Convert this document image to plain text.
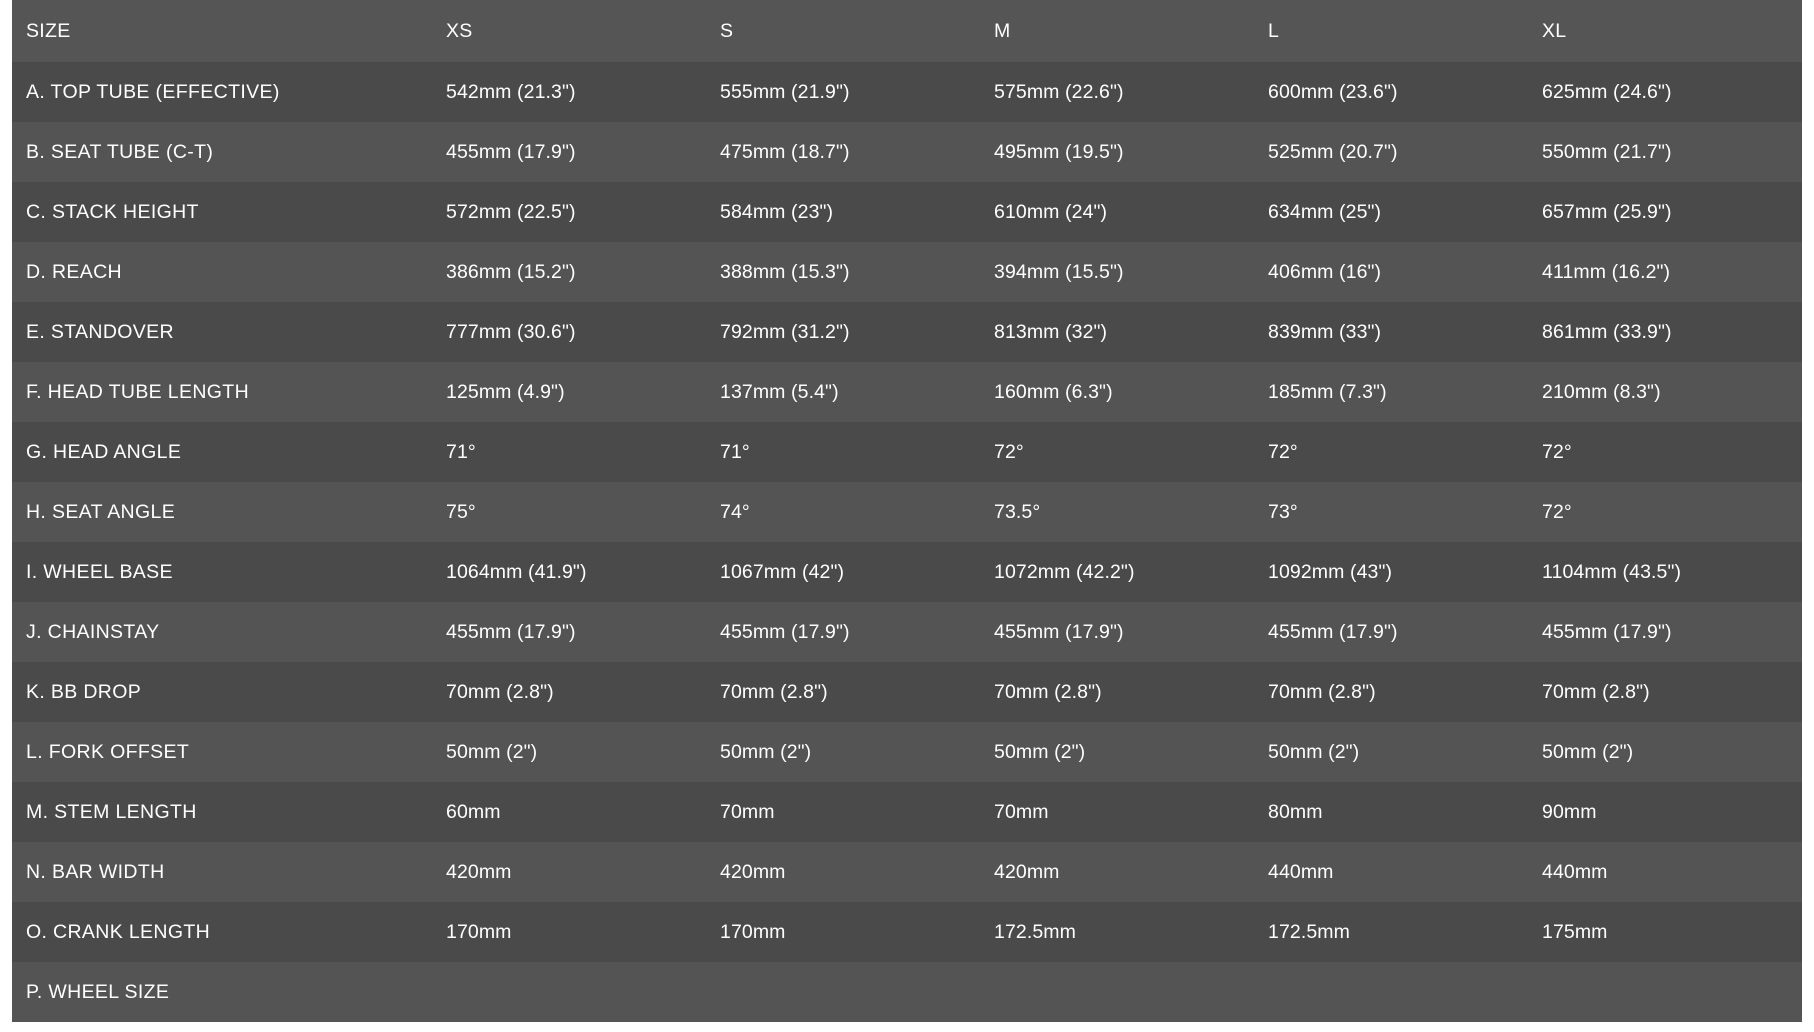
SIZE	XS	S	M	L	XL
A. TOP TUBE (EFFECTIVE)	542mm (21.3")	555mm (21.9")	575mm (22.6")	600mm (23.6")	625mm (24.6")
B. SEAT TUBE (C-T)	455mm (17.9")	475mm (18.7")	495mm (19.5")	525mm (20.7")	550mm (21.7")
C. STACK HEIGHT	572mm (22.5")	584mm (23")	610mm (24")	634mm (25")	657mm (25.9")
D. REACH	386mm (15.2")	388mm (15.3")	394mm (15.5")	406mm (16")	411mm (16.2")
E. STANDOVER	777mm (30.6")	792mm (31.2")	813mm (32")	839mm (33")	861mm (33.9")
F. HEAD TUBE LENGTH	125mm (4.9")	137mm (5.4")	160mm (6.3")	185mm (7.3")	210mm (8.3")
G. HEAD ANGLE	71°	71°	72°	72°	72°
H. SEAT ANGLE	75°	74°	73.5°	73°	72°
I. WHEEL BASE	1064mm (41.9")	1067mm (42")	1072mm (42.2")	1092mm (43")	1104mm (43.5")
J. CHAINSTAY	455mm (17.9")	455mm (17.9")	455mm (17.9")	455mm (17.9")	455mm (17.9")
K. BB DROP	70mm (2.8")	70mm (2.8")	70mm (2.8")	70mm (2.8")	70mm (2.8")
L. FORK OFFSET	50mm (2")	50mm (2")	50mm (2")	50mm (2")	50mm (2")
M. STEM LENGTH	60mm	70mm	70mm	80mm	90mm
N. BAR WIDTH	420mm	420mm	420mm	440mm	440mm
O. CRANK LENGTH	170mm	170mm	172.5mm	172.5mm	175mm
P. WHEEL SIZE					
